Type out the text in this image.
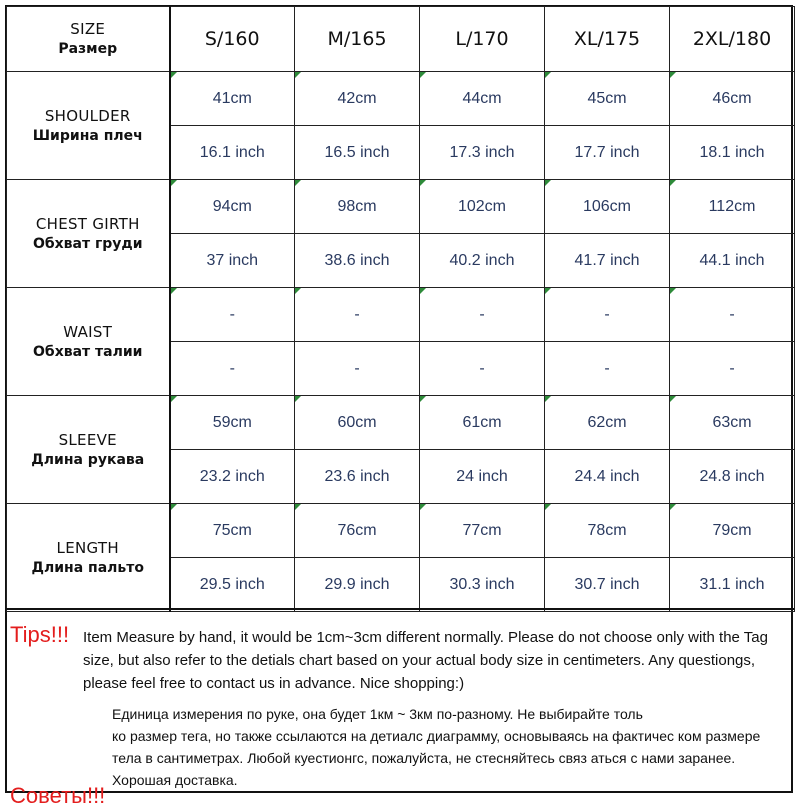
SIZE
Размер	S/160	M/165	L/170	XL/175	2XL/180

SHOULDER
Ширина плеч	41cm	42cm	44cm	45cm	46cm
	16.1 inch	16.5 inch	17.3 inch	17.7 inch	18.1 inch

CHEST GIRTH
Обхват груди	94cm	98cm	102cm	106cm	112cm
	37 inch	38.6 inch	40.2 inch	41.7 inch	44.1 inch

WAIST
Обхват талии	-	-	-	-	-
	-	-	-	-	-

SLEEVE
Длина рукава	59cm	60cm	61cm	62cm	63cm
	23.2 inch	23.6 inch	24 inch	24.4 inch	24.8 inch

LENGTH
Длина пальто	75cm	76cm	77cm	78cm	79cm
	29.5 inch	29.9 inch	30.3 inch	30.7 inch	31.1 inch
Tips!!! Item Measure by hand, it would be 1cm~3cm different normally. Please do not choose only with the Tag size, but also refer to the detials chart based on your actual body size in centimeters. Any questiongs, please feel free to contact us in advance. Nice shopping:)
Советы!!!
Единица измерения по руке, она будет 1км ~ 3км по-разному. Не выбирайте толь
ко размер тега, но также ссылаются на детиалс диаграмму, основываясь на фактичес ком размере тела в сантиметрах. Любой куестионгс, пожалуйста, не стесняйтесь связ аться с нами заранее. Хорошая доставка.
